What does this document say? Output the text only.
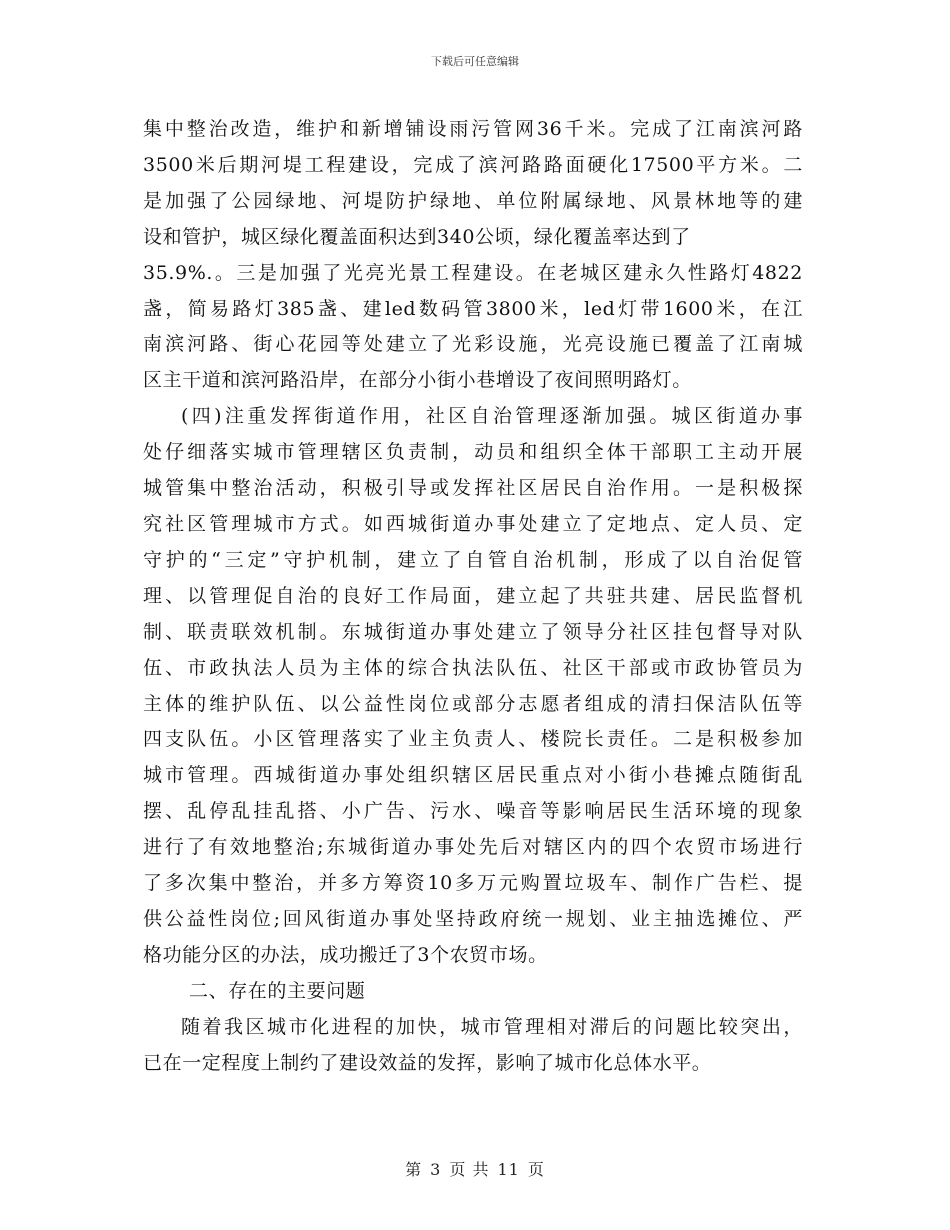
下载后可任意编辑
集中整治改造，维护和新增铺设雨污管网36千米。完成了江南滨河路
3500米后期河堤工程建设，完成了滨河路路面硬化17500平方米。二
是加强了公园绿地、河堤防护绿地、单位附属绿地、风景林地等的建
设和管护，城区绿化覆盖面积达到340公顷，绿化覆盖率达到了
35.9%.。三是加强了光亮光景工程建设。在老城区建永久性路灯4822
盏，简易路灯385盏、建led数码管3800米，led灯带1600米，在江
南滨河路、街心花园等处建立了光彩设施，光亮设施已覆盖了江南城
区主干道和滨河路沿岸，在部分小街小巷增设了夜间照明路灯。
(四)注重发挥街道作用，社区自治管理逐渐加强。城区街道办事
处仔细落实城市管理辖区负责制，动员和组织全体干部职工主动开展
城管集中整治活动，积极引导或发挥社区居民自治作用。一是积极探
究社区管理城市方式。如西城街道办事处建立了定地点、定人员、定
守护的“三定”守护机制，建立了自管自治机制，形成了以自治促管
理、以管理促自治的良好工作局面，建立起了共驻共建、居民监督机
制、联责联效机制。东城街道办事处建立了领导分社区挂包督导对队
伍、市政执法人员为主体的综合执法队伍、社区干部或市政协管员为
主体的维护队伍、以公益性岗位或部分志愿者组成的清扫保洁队伍等
四支队伍。小区管理落实了业主负责人、楼院长责任。二是积极参加
城市管理。西城街道办事处组织辖区居民重点对小街小巷摊点随街乱
摆、乱停乱挂乱搭、小广告、污水、噪音等影响居民生活环境的现象
进行了有效地整治;东城街道办事处先后对辖区内的四个农贸市场进行
了多次集中整治，并多方筹资10多万元购置垃圾车、制作广告栏、提
供公益性岗位;回风街道办事处坚持政府统一规划、业主抽选摊位、严
格功能分区的办法，成功搬迁了3个农贸市场。
二、存在的主要问题
随着我区城市化进程的加快，城市管理相对滞后的问题比较突出，
已在一定程度上制约了建设效益的发挥，影响了城市化总体水平。
第 3 页 共 11 页
